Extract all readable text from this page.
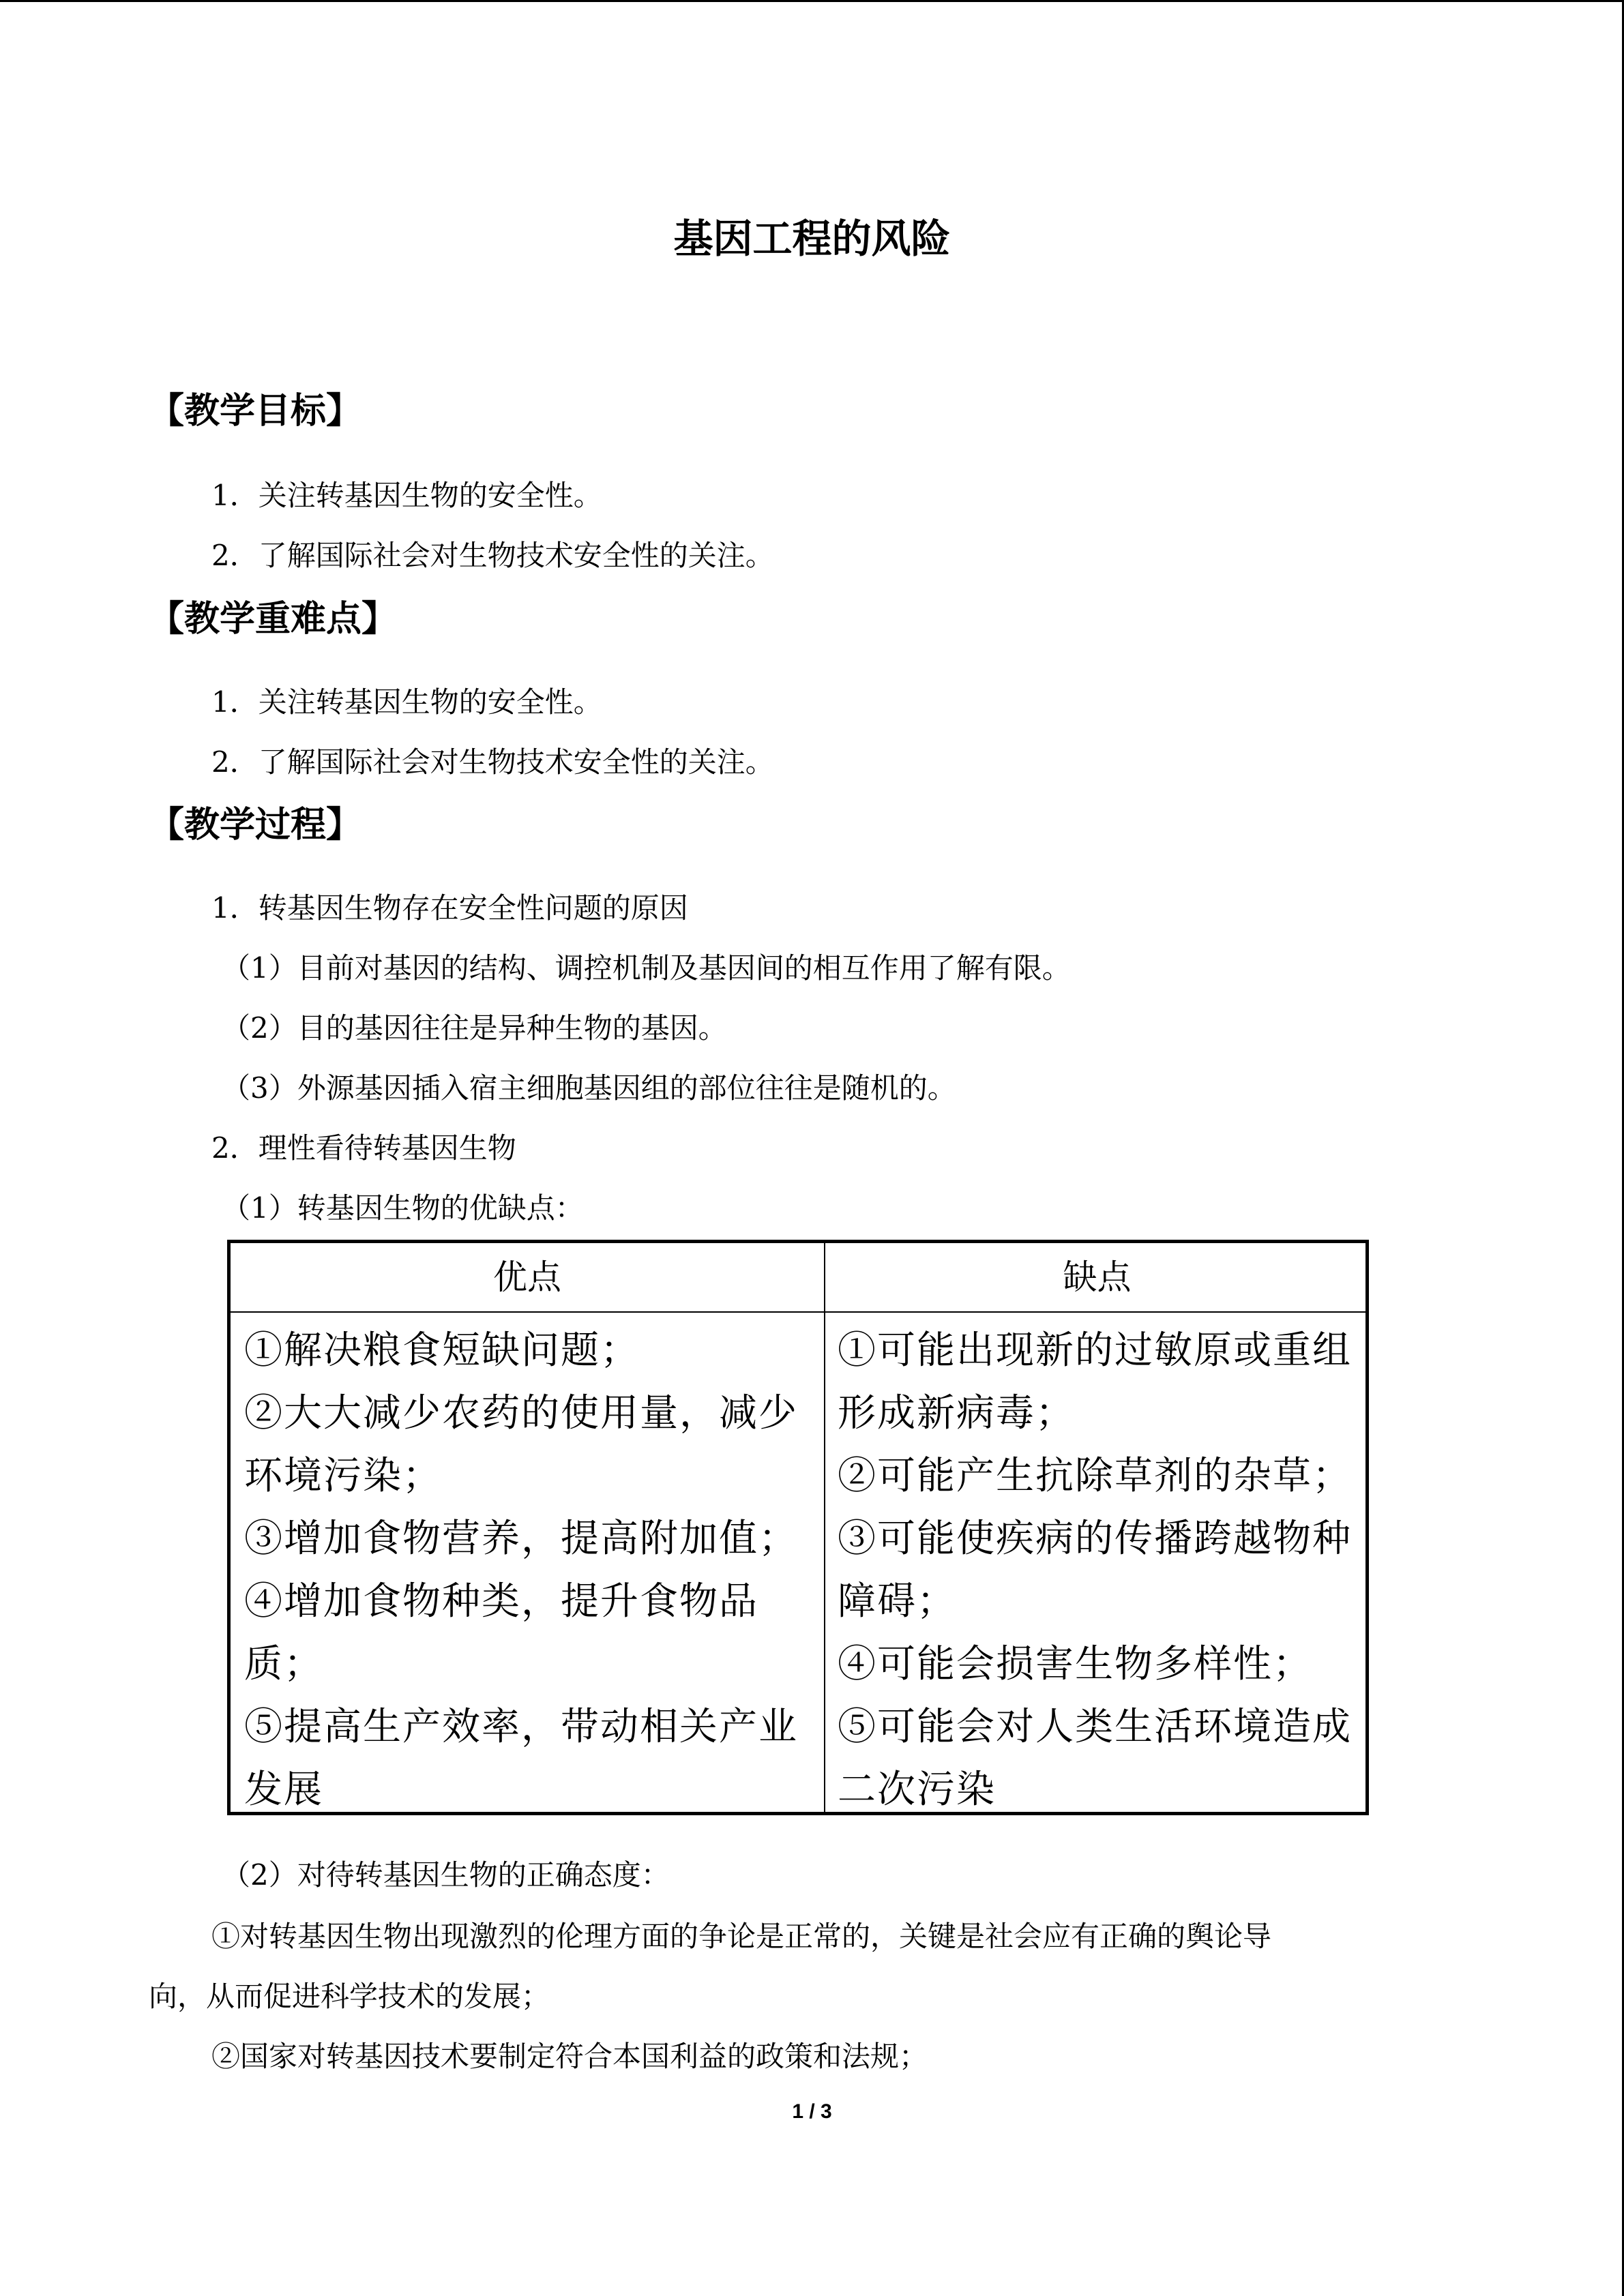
基因工程的风险
【教学目标】
1．关注转基因生物的安全性。
2．了解国际社会对生物技术安全性的关注。
【教学重难点】
1．关注转基因生物的安全性。
2．了解国际社会对生物技术安全性的关注。
【教学过程】
1．转基因生物存在安全性问题的原因
（1）目前对基因的结构、调控机制及基因间的相互作用了解有限。
（2）目的基因往往是异种生物的基因。
（3）外源基因插入宿主细胞基因组的部位往往是随机的。
2．理性看待转基因生物
（1）转基因生物的优缺点：
优点	缺点
①解决粮食短缺问题；
②大大减少农药的使用量，减少环境污染；
③增加食物营养，提高附加值；
④增加食物种类，提升食物品质；
⑤提高生产效率，带动相关产业发展
①可能出现新的过敏原或重组形成新病毒；
②可能产生抗除草剂的杂草；
③可能使疾病的传播跨越物种障碍；
④可能会损害生物多样性；
⑤可能会对人类生活环境造成二次污染
（2）对待转基因生物的正确态度：
①对转基因生物出现激烈的伦理方面的争论是正常的，关键是社会应有正确的舆论导
向，从而促进科学技术的发展；
②国家对转基因技术要制定符合本国利益的政策和法规；
1 / 3
